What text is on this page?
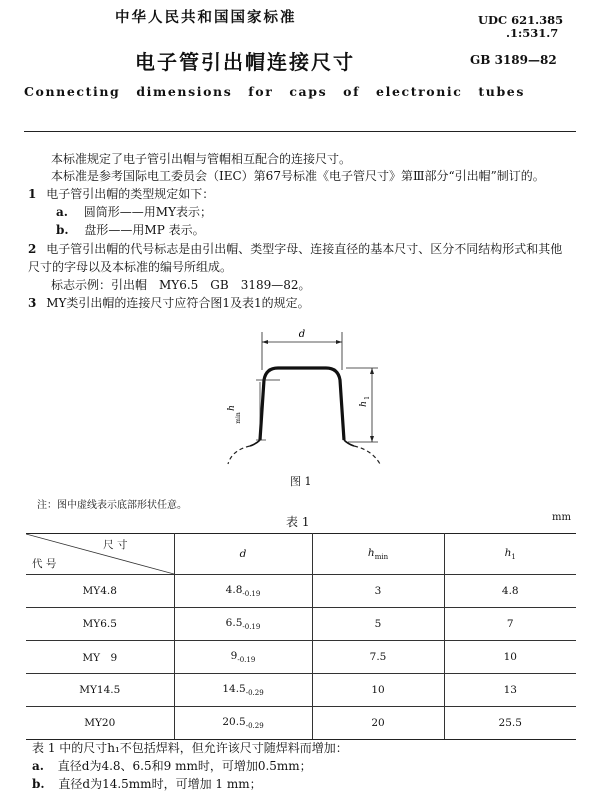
中华人民共和国国家标准	UDC 621.385
.1:531.7
电子管引出帽连接尺寸	GB 3189—82
Connecting dimensions for caps of electronic tubes
本标准规定了电子管引出帽与管帽相互配合的连接尺寸。
本标准是参考国际电工委员会（IEC）第67号标准《电子管尺寸》第Ⅲ部分“引出帽”制订的。
1 电子管引出帽的类型规定如下：
a. 圆筒形——用MY表示；
b. 盘形——用MP 表示。
2 电子管引出帽的代号标志是由引出帽、类型字母、连接直径的基本尺寸、区分不同结构形式和其他
尺寸的字母以及本标准的编号所组成。
标志示例：引出帽　MY6.5　GB　3189—82。
3 MY类引出帽的连接尺寸应符合图1及表1的规定。
d
h
min
h
1
图 1
注：图中虚线表示底部形状任意。
表 1	mm
尺 寸
代 号	d	$h_{min}$	$h_1$
MY4.8	$4.8_{-0.19}$	3	4.8
MY6.5	$6.5_{-0.19}$	5	7
MY　9	$9_{-0.19}$	7.5	10
MY14.5	$14.5_{-0.29}$	10	13
MY20	$20.5_{-0.29}$	20	25.5
表 1 中的尺寸h₁不包括焊料，但允许该尺寸随焊料而增加：
a. 直径d为4.8、6.5和9 mm时，可增加0.5mm；
b. 直径d为14.5mm时，可增加 1 mm；
